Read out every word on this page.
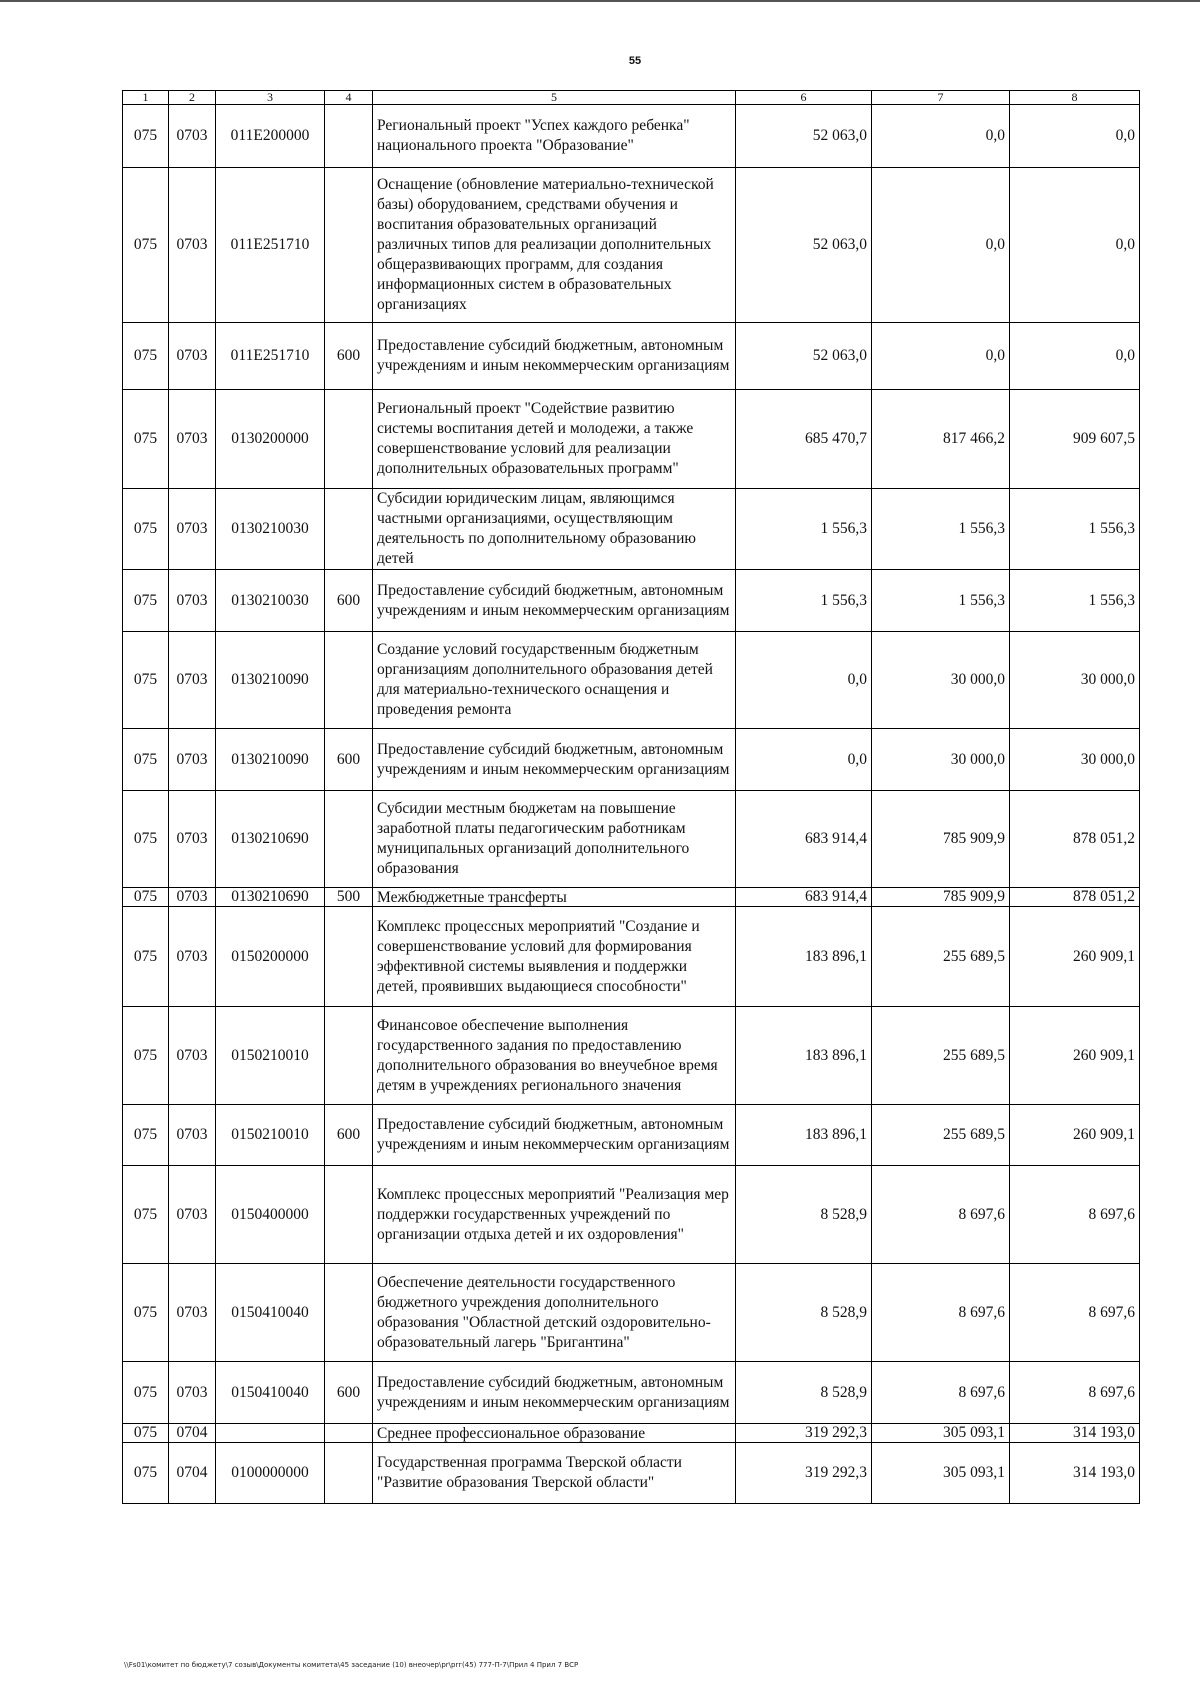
55
1	2	3	4	5	6	7	8
075	0703	011E200000		Региональный проект "Успех каждого ребенка" национального проекта "Образование"	52 063,0	0,0	0,0
075	0703	011E251710		Оснащение (обновление материально-технической базы) оборудованием, средствами обучения и воспитания образовательных организаций различных типов для реализации дополнительных общеразвивающих программ, для создания информационных систем в образовательных организациях	52 063,0	0,0	0,0
075	0703	011E251710	600	Предоставление субсидий бюджетным, автономным учреждениям и иным некоммерческим организациям	52 063,0	0,0	0,0
075	0703	0130200000		Региональный проект "Содействие развитию системы воспитания детей и молодежи, а также совершенствование условий для реализации дополнительных образовательных программ"	685 470,7	817 466,2	909 607,5
075	0703	0130210030		Субсидии юридическим лицам, являющимся частными организациями, осуществляющим деятельность по дополнительному образованию детей	1 556,3	1 556,3	1 556,3
075	0703	0130210030	600	Предоставление субсидий бюджетным, автономным учреждениям и иным некоммерческим организациям	1 556,3	1 556,3	1 556,3
075	0703	0130210090		Создание условий государственным бюджетным организациям дополнительного образования детей для материально-технического оснащения и проведения ремонта	0,0	30 000,0	30 000,0
075	0703	0130210090	600	Предоставление субсидий бюджетным, автономным учреждениям и иным некоммерческим организациям	0,0	30 000,0	30 000,0
075	0703	0130210690		Субсидии местным бюджетам на повышение заработной платы педагогическим работникам муниципальных организаций дополнительного образования	683 914,4	785 909,9	878 051,2
075	0703	0130210690	500	Межбюджетные трансферты	683 914,4	785 909,9	878 051,2
075	0703	0150200000		Комплекс процессных мероприятий "Создание и совершенствование условий для формирования эффективной системы выявления и поддержки детей, проявивших выдающиеся способности"	183 896,1	255 689,5	260 909,1
075	0703	0150210010		Финансовое обеспечение выполнения государственного задания по предоставлению дополнительного образования во внеучебное время детям в учреждениях регионального значения	183 896,1	255 689,5	260 909,1
075	0703	0150210010	600	Предоставление субсидий бюджетным, автономным учреждениям и иным некоммерческим организациям	183 896,1	255 689,5	260 909,1
075	0703	0150400000		Комплекс процессных мероприятий "Реализация мер поддержки государственных учреждений по организации отдыха детей и их оздоровления"	8 528,9	8 697,6	8 697,6
075	0703	0150410040		Обеспечение деятельности государственного бюджетного учреждения дополнительного образования "Областной детский оздоровительно-образовательный лагерь "Бригантина"	8 528,9	8 697,6	8 697,6
075	0703	0150410040	600	Предоставление субсидий бюджетным, автономным учреждениям и иным некоммерческим организациям	8 528,9	8 697,6	8 697,6
075	0704			Среднее профессиональное образование	319 292,3	305 093,1	314 193,0
075	0704	0100000000		Государственная программа Тверской области "Развитие образования Тверской области"	319 292,3	305 093,1	314 193,0
\\Fs01\комитет по бюджету\7 созыв\Документы комитета\45 заседание (10) внеочер\pr\prг(45) 777-П-7\Прил 4 Прил 7 ВСР
